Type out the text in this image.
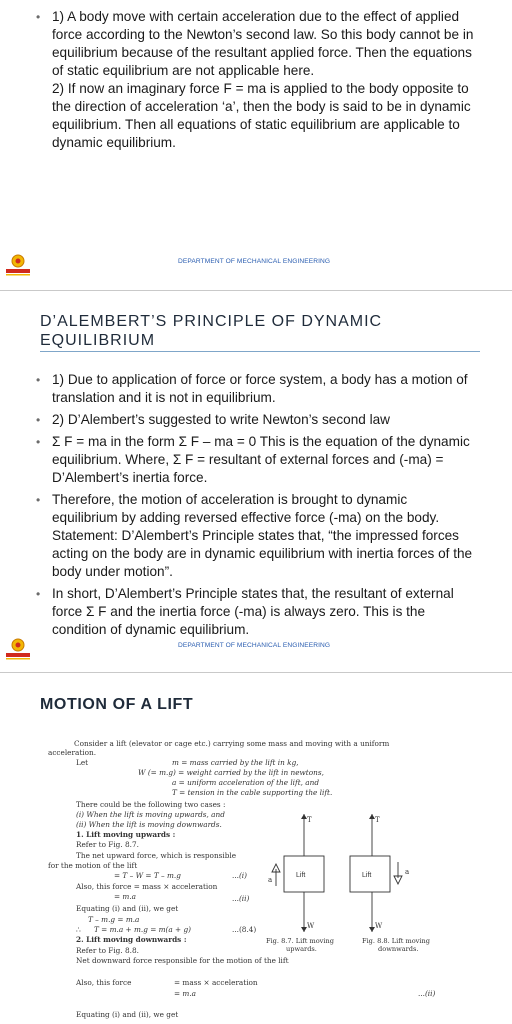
• 1) A body move with certain acceleration due to the effect of applied force according to the Newton’s second law. So this body cannot be in equilibrium because of the resultant applied force. Then the equations of static equilibrium are not applicable here.
2) If now an imaginary force F = ma is applied to the body opposite to the direction of acceleration ‘a’, then the body is said to be in dynamic equilibrium. Then all equations of static equilibrium are applicable to dynamic equilibrium.
DEPARTMENT OF MECHANICAL ENGINEERING
D’ALEMBERT’S PRINCIPLE OF DYNAMIC EQUILIBRIUM
• 1) Due to application of force or force system, a body has a motion of translation and it is not in equilibrium.
• 2) D’Alembert’s suggested to write Newton’s second law
• Σ F = ma in the form Σ F – ma = 0 This is the equation of the dynamic equilibrium. Where, Σ F = resultant of external forces and (-ma) = D’Alembert’s inertia force.
• Therefore, the motion of acceleration is brought to dynamic equilibrium by adding reversed effective force (-ma) on the body. Statement: D’Alembert’s Principle states that, “the impressed forces acting on the body are in dynamic equilibrium with inertia forces of the body under motion”.
• In short, D’Alembert’s Principle states that, the resultant of external force Σ F and the inertia force (-ma) is always zero. This is the condition of dynamic equilibrium.
DEPARTMENT OF MECHANICAL ENGINEERING
MOTION OF A LIFT
Consider a lift (elevator or cage etc.) carrying some mass and moving with a uniform
acceleration.
Let	m = mass carried by the lift in kg,
W (= m.g) = weight carried by the lift in newtons,
a = uniform acceleration of the lift, and
T = tension in the cable supporting the lift.
There could be the following two cases :
(i) When the lift is moving upwards, and
(ii) When the lift is moving downwards.
1. Lift moving upwards :
Refer to Fig. 8.7.
The net upward force, which is responsible
for the motion of the lift
= T – W = T – m.g	...(i)
Also, this force = mass × acceleration
= m.a	...(ii)
Equating (i) and (ii), we get
T – m.g = m.a
∴ T = m.a + m.g = m(a + g)	...(8.4)
2. Lift moving downwards :
Refer to Fig. 8.8.
Net downward force responsible for the motion of the lift
Also, this force	= mass × acceleration
= m.a	...(ii)
Equating (i) and (ii), we get
T
Lift
a
W
Fig. 8.7. Lift moving
upwards.
T
Lift	a
W
Fig. 8.8. Lift moving
downwards.
